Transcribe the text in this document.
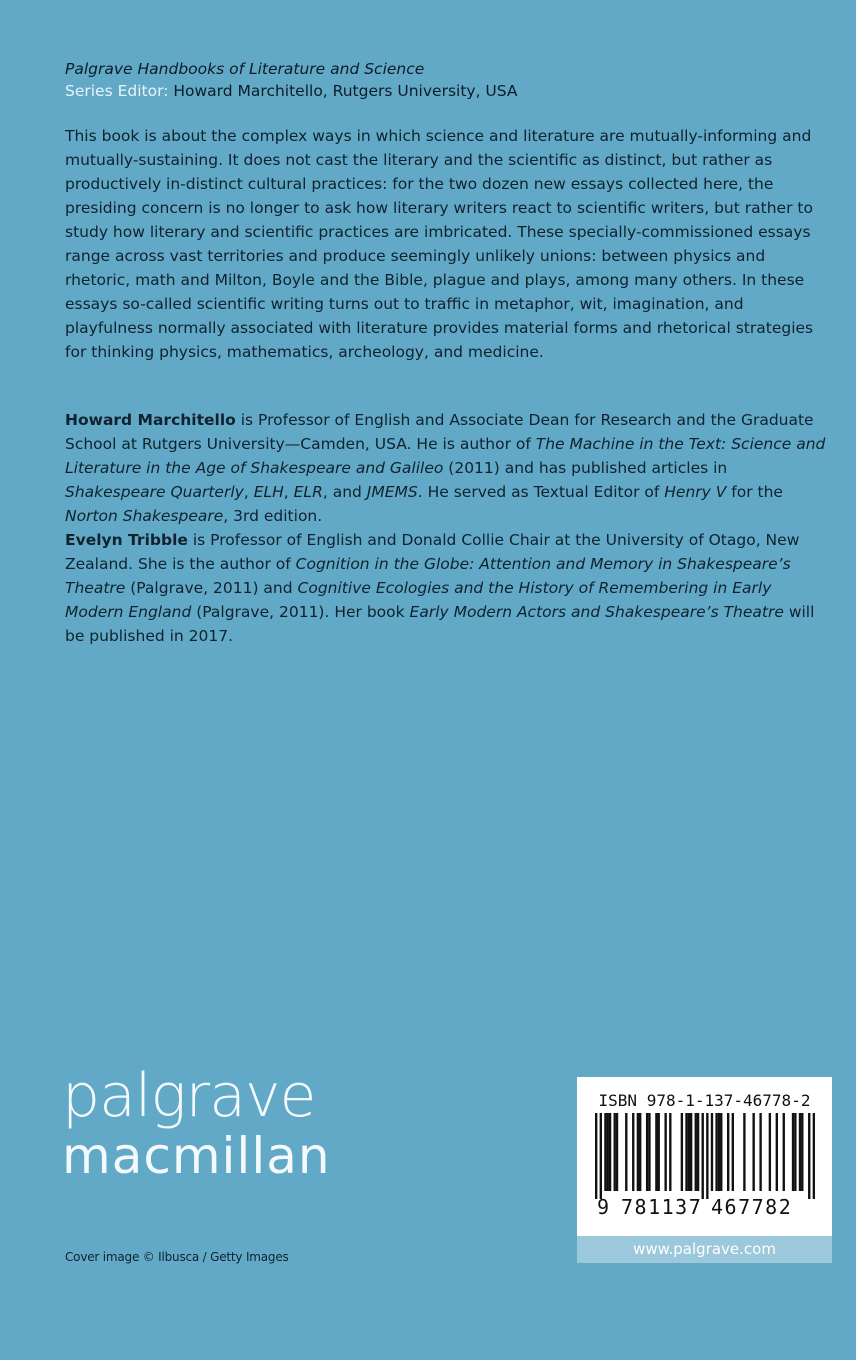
Palgrave Handbooks of Literature and Science
Series Editor: Howard Marchitello, Rutgers University, USA

This book is about the complex ways in which science and literature are mutually-informing and mutually-sustaining. It does not cast the literary and the scientific as distinct, but rather as productively in-distinct cultural practices: for the two dozen new essays collected here, the presiding concern is no longer to ask how literary writers react to scientific writers, but rather to study how literary and scientific practices are imbricated. These specially-commissioned essays range across vast territories and produce seemingly unlikely unions: between physics and rhetoric, math and Milton, Boyle and the Bible, plague and plays, among many others. In these essays so-called scientific writing turns out to traffic in metaphor, wit, imagination, and playfulness normally associated with literature provides material forms and rhetorical strategies for thinking physics, mathematics, archeology, and medicine.

Howard Marchitello is Professor of English and Associate Dean for Research and the Graduate School at Rutgers University—Camden, USA. He is author of The Machine in the Text: Science and Literature in the Age of Shakespeare and Galileo (2011) and has published articles in Shakespeare Quarterly, ELH, ELR, and JMEMS. He served as Textual Editor of Henry V for the Norton Shakespeare, 3rd edition.

Evelyn Tribble is Professor of English and Donald Collie Chair at the University of Otago, New Zealand. She is the author of Cognition in the Globe: Attention and Memory in Shakespeare’s Theatre (Palgrave, 2011) and Cognitive Ecologies and the History of Remembering in Early Modern England (Palgrave, 2011). Her book Early Modern Actors and Shakespeare’s Theatre will be published in 2017.

palgrave
macmillan
Cover image © Ilbusca / Getty Images
ISBN 978-1-137-46778-2
9 781137 467782
www.palgrave.com
